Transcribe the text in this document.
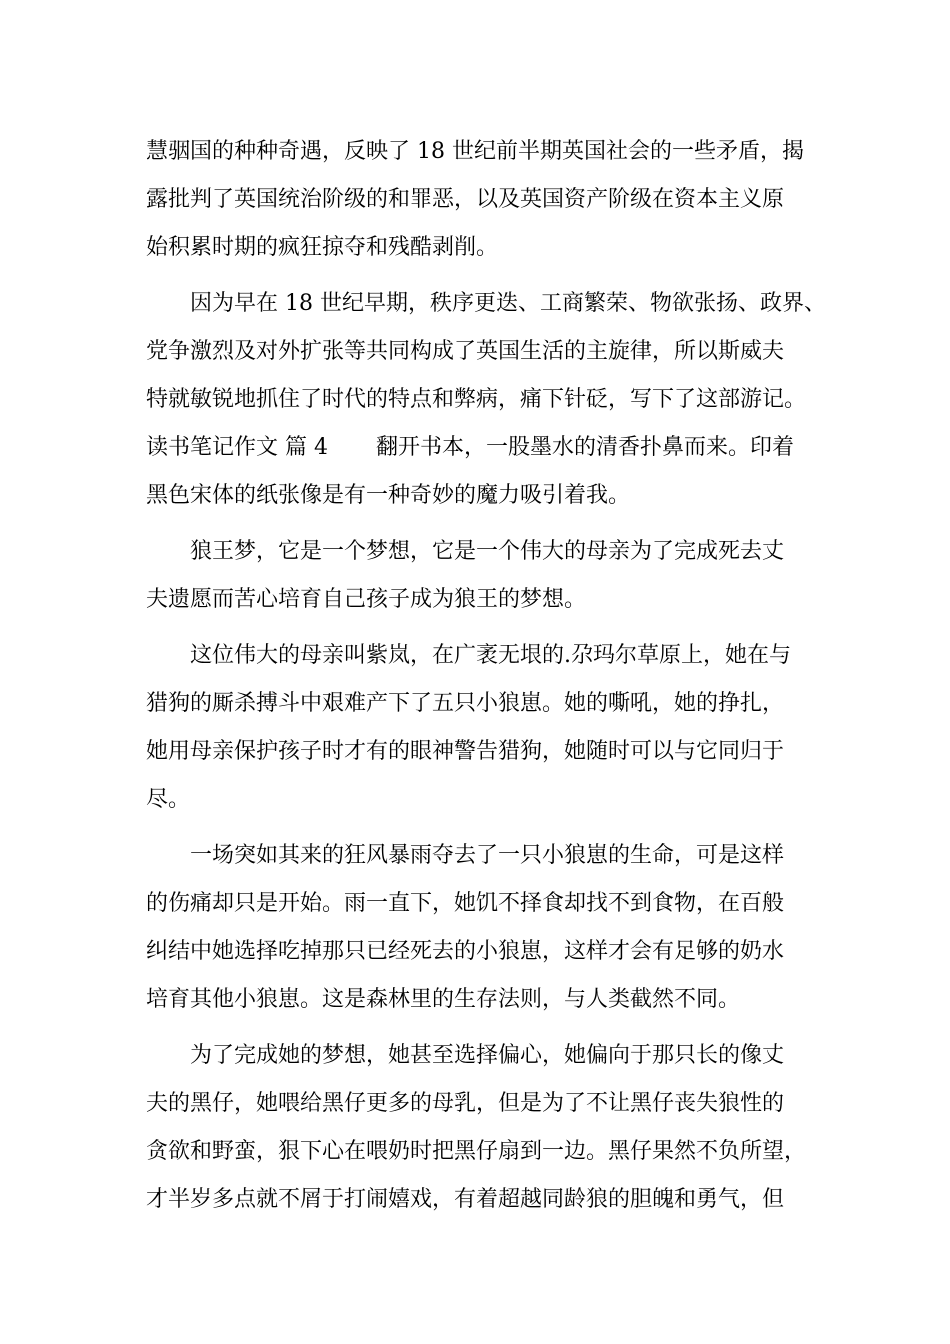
慧骃国的种种奇遇，反映了 18 世纪前半期英国社会的一些矛盾，揭
露批判了英国统治阶级的和罪恶，以及英国资产阶级在资本主义原
始积累时期的疯狂掠夺和残酷剥削。
因为早在 18 世纪早期，秩序更迭、工商繁荣、物欲张扬、政界、
党争激烈及对外扩张等共同构成了英国生活的主旋律，所以斯威夫
特就敏锐地抓住了时代的特点和弊病，痛下针砭，写下了这部游记。
读书笔记作文 篇 4 翻开书本，一股墨水的清香扑鼻而来。印着
黑色宋体的纸张像是有一种奇妙的魔力吸引着我。
狼王梦，它是一个梦想，它是一个伟大的母亲为了完成死去丈
夫遗愿而苦心培育自己孩子成为狼王的梦想。
这位伟大的母亲叫紫岚，在广袤无垠的.尕玛尔草原上，她在与
猎狗的厮杀搏斗中艰难产下了五只小狼崽。她的嘶吼，她的挣扎，
她用母亲保护孩子时才有的眼神警告猎狗，她随时可以与它同归于
尽。
一场突如其来的狂风暴雨夺去了一只小狼崽的生命，可是这样
的伤痛却只是开始。雨一直下，她饥不择食却找不到食物，在百般
纠结中她选择吃掉那只已经死去的小狼崽，这样才会有足够的奶水
培育其他小狼崽。这是森林里的生存法则，与人类截然不同。
为了完成她的梦想，她甚至选择偏心，她偏向于那只长的像丈
夫的黑仔，她喂给黑仔更多的母乳，但是为了不让黑仔丧失狼性的
贪欲和野蛮，狠下心在喂奶时把黑仔扇到一边。黑仔果然不负所望，
才半岁多点就不屑于打闹嬉戏，有着超越同龄狼的胆魄和勇气，但
